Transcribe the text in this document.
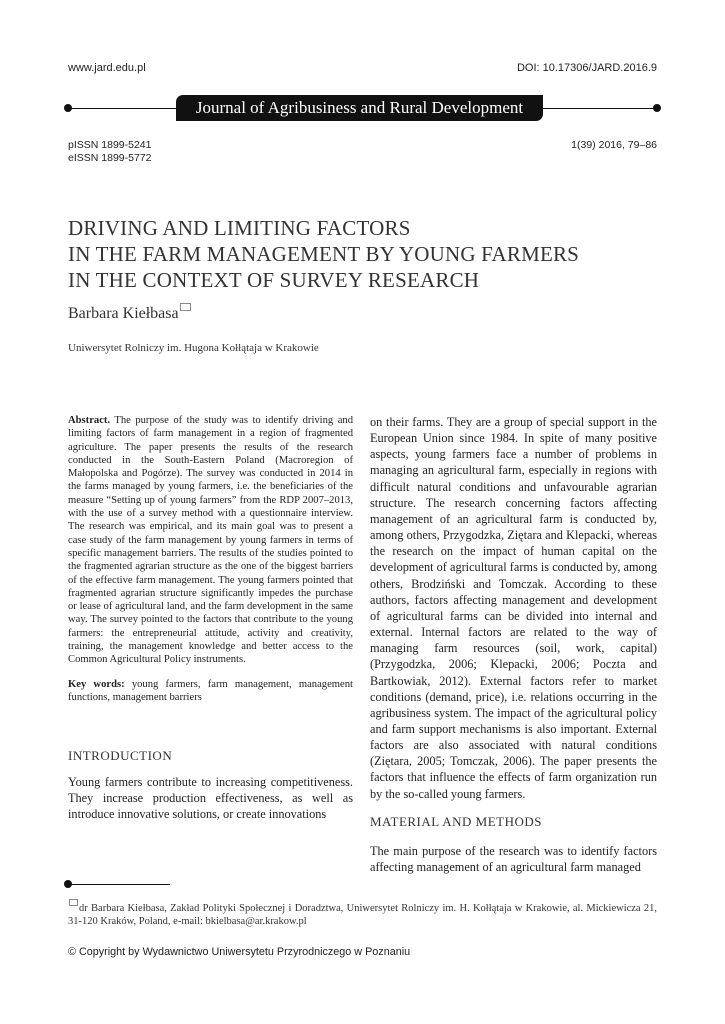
www.jard.edu.pl	DOI: 10.17306/JARD.2016.9
Journal of Agribusiness and Rural Development
pISSN 1899-5241
eISSN 1899-5772
1(39) 2016, 79–86
DRIVING AND LIMITING FACTORS
IN THE FARM MANAGEMENT BY YOUNG FARMERS
IN THE CONTEXT OF SURVEY RESEARCH
Barbara Kiełbasa
Uniwersytet Rolniczy im. Hugona Kołłątaja w Krakowie

Abstract. The purpose of the study was to identify driving and limiting factors of farm management in a region of fragmented agriculture. The paper presents the results of the research conducted in the South-Eastern Poland (Macroregion of Małopolska and Pogórze). The survey was conducted in 2014 in the farms managed by young farmers, i.e. the beneficiaries of the measure “Setting up of young farmers” from the RDP 2007–2013, with the use of a survey method with a questionnaire interview. The research was empirical, and its main goal was to present a case study of the farm management by young farmers in terms of specific management barriers. The results of the studies pointed to the fragmented agrarian structure as the one of the biggest barriers of the effective farm management. The young farmers pointed that fragmented agrarian structure significantly impedes the purchase or lease of agricultural land, and the farm development in the same way. The survey pointed to the factors that contribute to the young farmers: the entrepreneurial attitude, activity and creativity, training, the management knowledge and better access to the Common Agricultural Policy instruments.

Key words: young farmers, farm management, management functions, management barriers

INTRODUCTION

Young farmers contribute to increasing competitiveness. They increase production effectiveness, as well as introduce innovative solutions, or create innovations

on their farms. They are a group of special support in the European Union since 1984. In spite of many positive aspects, young farmers face a number of problems in managing an agricultural farm, especially in regions with difficult natural conditions and unfavourable agrarian structure. The research concerning factors affecting management of an agricultural farm is conducted by, among others, Przygodzka, Ziętara and Klepacki, whereas the research on the impact of human capital on the development of agricultural farms is conducted by, among others, Brodziński and Tomczak. According to these authors, factors affecting management and development of agricultural farms can be divided into internal and external. Internal factors are related to the way of managing farm resources (soil, work, capital) (Przygodzka, 2006; Klepacki, 2006; Poczta and Bartkowiak, 2012). External factors refer to market conditions (demand, price), i.e. relations occurring in the agribusiness system. The impact of the agricultural policy and farm support mechanisms is also important. External factors are also associated with natural conditions (Ziętara, 2005; Tomczak, 2006). The paper presents the factors that influence the effects of farm organization run by the so-called young farmers.

MATERIAL AND METHODS

The main purpose of the research was to identify factors affecting management of an agricultural farm managed

dr Barbara Kiełbasa, Zakład Polityki Społecznej i Doradztwa, Uniwersytet Rolniczy im. H. Kołłątaja w Krakowie, al. Mickiewicza 21, 31-120 Kraków, Poland, e-mail: bkielbasa@ar.krakow.pl
© Copyright by Wydawnictwo Uniwersytetu Przyrodniczego w Poznaniu
